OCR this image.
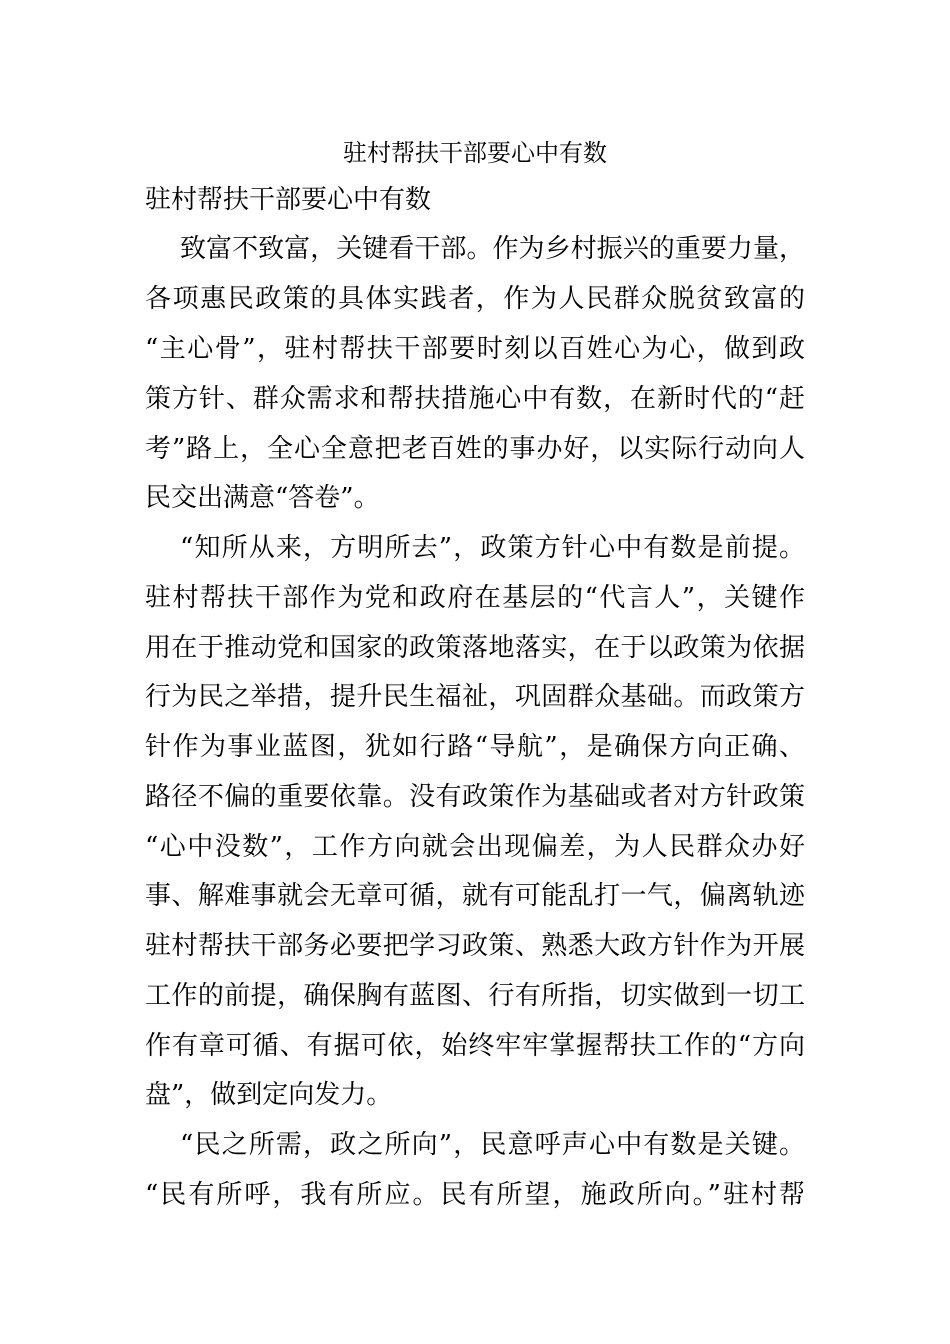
驻村帮扶干部要心中有数
驻村帮扶干部要心中有数
致富不致富，关键看干部。作为乡村振兴的重要力量，
各项惠民政策的具体实践者，作为人民群众脱贫致富的
“主心骨”，驻村帮扶干部要时刻以百姓心为心，做到政
策方针、群众需求和帮扶措施心中有数，在新时代的“赶
考”路上，全心全意把老百姓的事办好，以实际行动向人
民交出满意“答卷”。
“知所从来，方明所去”，政策方针心中有数是前提。
驻村帮扶干部作为党和政府在基层的“代言人”，关键作
用在于推动党和国家的政策落地落实，在于以政策为依据
行为民之举措，提升民生福祉，巩固群众基础。而政策方
针作为事业蓝图，犹如行路“导航”，是确保方向正确、
路径不偏的重要依靠。没有政策作为基础或者对方针政策
“心中没数”，工作方向就会出现偏差，为人民群众办好
事、解难事就会无章可循，就有可能乱打一气，偏离轨迹
驻村帮扶干部务必要把学习政策、熟悉大政方针作为开展
工作的前提，确保胸有蓝图、行有所指，切实做到一切工
作有章可循、有据可依，始终牢牢掌握帮扶工作的“方向
盘”，做到定向发力。
“民之所需，政之所向”，民意呼声心中有数是关键。
“民有所呼，我有所应。民有所望，施政所向。”驻村帮
